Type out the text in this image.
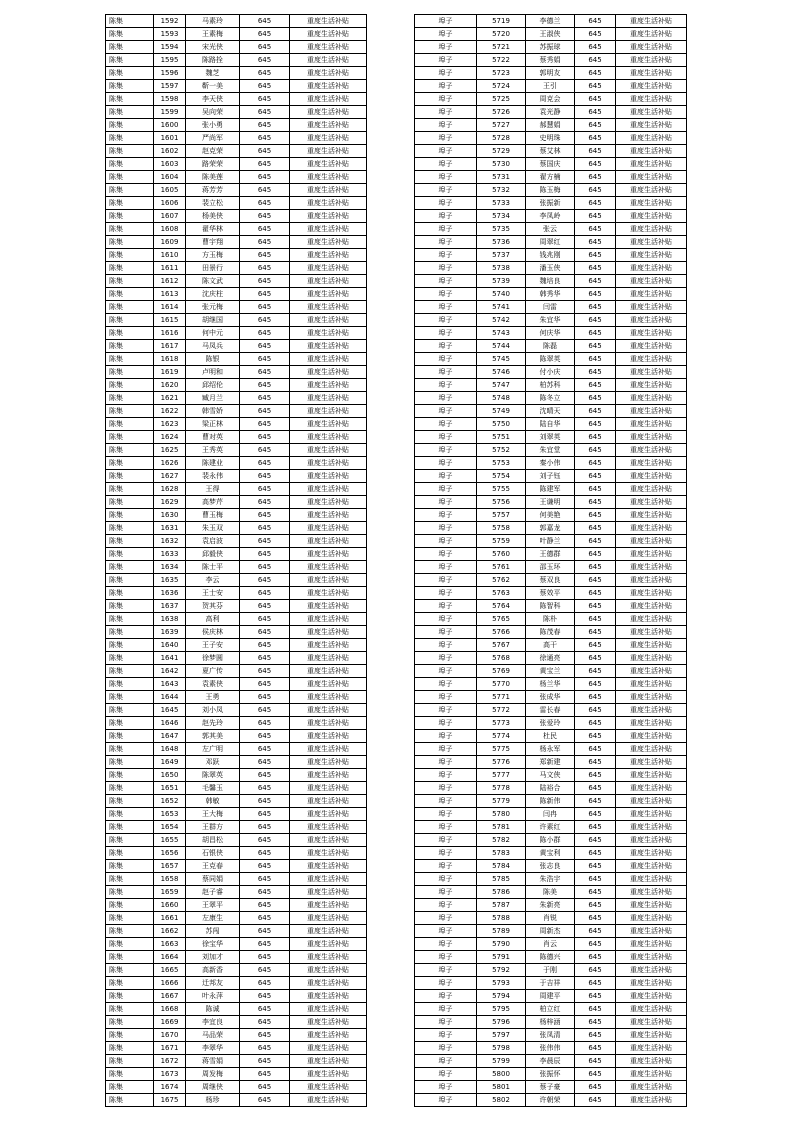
陈集	1592	马素玲	645	重度生活补贴
陈集	1593	王素梅	645	重度生活补贴
陈集	1594	宋光侠	645	重度生活补贴
陈集	1595	陈路拴	645	重度生活补贴
陈集	1596	魏芝	645	重度生活补贴
陈集	1597	靳一美	645	重度生活补贴
陈集	1598	李天侠	645	重度生活补贴
陈集	1599	吴向荣	645	重度生活补贴
陈集	1600	张小勇	645	重度生活补贴
陈集	1601	严尚军	645	重度生活补贴
陈集	1602	赵克荣	645	重度生活补贴
陈集	1603	路荣荣	645	重度生活补贴
陈集	1604	陈美莲	645	重度生活补贴
陈集	1605	蒋芳芳	645	重度生活补贴
陈集	1606	裴立松	645	重度生活补贴
陈集	1607	杨美侠	645	重度生活补贴
陈集	1608	翟华林	645	重度生活补贴
陈集	1609	曹宇翔	645	重度生活补贴
陈集	1610	方玉梅	645	重度生活补贴
陈集	1611	田景行	645	重度生活补贴
陈集	1612	陈文武	645	重度生活补贴
陈集	1613	沈庆柱	645	重度生活补贴
陈集	1614	张元梅	645	重度生活补贴
陈集	1615	胡继国	645	重度生活补贴
陈集	1616	何中元	645	重度生活补贴
陈集	1617	马凤兵	645	重度生活补贴
陈集	1618	陈银	645	重度生活补贴
陈集	1619	卢明和	645	重度生活补贴
陈集	1620	邱绍伦	645	重度生活补贴
陈集	1621	臧月兰	645	重度生活补贴
陈集	1622	韩雪娇	645	重度生活补贴
陈集	1623	梁正林	645	重度生活补贴
陈集	1624	曹对英	645	重度生活补贴
陈集	1625	王秀英	645	重度生活补贴
陈集	1626	陈建业	645	重度生活补贴
陈集	1627	裴永伟	645	重度生活补贴
陈集	1628	王得	645	重度生活补贴
陈集	1629	高梦芹	645	重度生活补贴
陈集	1630	曹玉梅	645	重度生活补贴
陈集	1631	朱玉双	645	重度生活补贴
陈集	1632	袁启波	645	重度生活补贴
陈集	1633	邱毅侠	645	重度生活补贴
陈集	1634	陈士平	645	重度生活补贴
陈集	1635	李云	645	重度生活补贴
陈集	1636	王士安	645	重度生活补贴
陈集	1637	贺其芬	645	重度生活补贴
陈集	1638	高利	645	重度生活补贴
陈集	1639	侯庆林	645	重度生活补贴
陈集	1640	王子安	645	重度生活补贴
陈集	1641	徐梦圆	645	重度生活补贴
陈集	1642	夏广传	645	重度生活补贴
陈集	1643	袁素侠	645	重度生活补贴
陈集	1644	王勇	645	重度生活补贴
陈集	1645	刘小凤	645	重度生活补贴
陈集	1646	赵先玲	645	重度生活补贴
陈集	1647	郭其美	645	重度生活补贴
陈集	1648	左广明	645	重度生活补贴
陈集	1649	邓跃	645	重度生活补贴
陈集	1650	陈翠英	645	重度生活补贴
陈集	1651	毛馨玉	645	重度生活补贴
陈集	1652	韩敏	645	重度生活补贴
陈集	1653	王大梅	645	重度生活补贴
陈集	1654	王群方	645	重度生活补贴
陈集	1655	胡昌松	645	重度生活补贴
陈集	1656	石银侠	645	重度生活补贴
陈集	1657	王克春	645	重度生活补贴
陈集	1658	蔡同娟	645	重度生活补贴
陈集	1659	赵子睿	645	重度生活补贴
陈集	1660	王翠平	645	重度生活补贴
陈集	1661	左康生	645	重度生活补贴
陈集	1662	苏闯	645	重度生活补贴
陈集	1663	徐宝华	645	重度生活补贴
陈集	1664	刘加才	645	重度生活补贴
陈集	1665	高新香	645	重度生活补贴
陈集	1666	迁邦友	645	重度生活补贴
陈集	1667	叶永萍	645	重度生活补贴
陈集	1668	陈诚	645	重度生活补贴
陈集	1669	李宜良	645	重度生活补贴
陈集	1670	马品荣	645	重度生活补贴
陈集	1671	李翠华	645	重度生活补贴
陈集	1672	蒋雪娟	645	重度生活补贴
陈集	1673	周发梅	645	重度生活补贴
陈集	1674	周继侠	645	重度生活补贴
陈集	1675	杨珍	645	重度生活补贴
埠子	5719	李德兰	645	重度生活补贴
埠子	5720	王淑侠	645	重度生活补贴
埠子	5721	苏振球	645	重度生活补贴
埠子	5722	蔡秀娟	645	重度生活补贴
埠子	5723	郭明友	645	重度生活补贴
埠子	5724	王引	645	重度生活补贴
埠子	5725	周克会	645	重度生活补贴
埠子	5726	袁光静	645	重度生活补贴
埠子	5727	郝慧娟	645	重度生活补贴
埠子	5728	史明珠	645	重度生活补贴
埠子	5729	蔡艾林	645	重度生活补贴
埠子	5730	蔡国庆	645	重度生活补贴
埠子	5731	翟方楠	645	重度生活补贴
埠子	5732	陈玉梅	645	重度生活补贴
埠子	5733	张振新	645	重度生活补贴
埠子	5734	李凤岭	645	重度生活补贴
埠子	5735	张云	645	重度生活补贴
埠子	5736	周翠红	645	重度生活补贴
埠子	5737	钱兆刚	645	重度生活补贴
埠子	5738	潘玉侠	645	重度生活补贴
埠子	5739	魏培良	645	重度生活补贴
埠子	5740	韩秀华	645	重度生活补贴
埠子	5741	闫雷	645	重度生活补贴
埠子	5742	朱宜华	645	重度生活补贴
埠子	5743	何庆华	645	重度生活补贴
埠子	5744	陈磊	645	重度生活补贴
埠子	5745	陈翠英	645	重度生活补贴
埠子	5746	付小庆	645	重度生活补贴
埠子	5747	柏苏科	645	重度生活补贴
埠子	5748	陈冬立	645	重度生活补贴
埠子	5749	沈晴天	645	重度生活补贴
埠子	5750	陆自华	645	重度生活补贴
埠子	5751	刘翠英	645	重度生活补贴
埠子	5752	朱宜堂	645	重度生活补贴
埠子	5753	秦小伟	645	重度生活补贴
埠子	5754	刘子钰	645	重度生活补贴
埠子	5755	陈建军	645	重度生活补贴
埠子	5756	王谦明	645	重度生活补贴
埠子	5757	何美艳	645	重度生活补贴
埠子	5758	郭嘉龙	645	重度生活补贴
埠子	5759	叶静兰	645	重度生活补贴
埠子	5760	王德群	645	重度生活补贴
埠子	5761	邵玉环	645	重度生活补贴
埠子	5762	蔡双良	645	重度生活补贴
埠子	5763	蔡效平	645	重度生活补贴
埠子	5764	陈智科	645	重度生活补贴
埠子	5765	陈朴	645	重度生活补贴
埠子	5766	陈茂春	645	重度生活补贴
埠子	5767	高干	645	重度生活补贴
埠子	5768	徐通亮	645	重度生活补贴
埠子	5769	黄宝兰	645	重度生活补贴
埠子	5770	杨兰华	645	重度生活补贴
埠子	5771	张成华	645	重度生活补贴
埠子	5772	雷长春	645	重度生活补贴
埠子	5773	张爱玲	645	重度生活补贴
埠子	5774	杜民	645	重度生活补贴
埠子	5775	杨永军	645	重度生活补贴
埠子	5776	郑新建	645	重度生活补贴
埠子	5777	马文侠	645	重度生活补贴
埠子	5778	陆裕合	645	重度生活补贴
埠子	5779	陈新伟	645	重度生活补贴
埠子	5780	闫冉	645	重度生活补贴
埠子	5781	许素红	645	重度生活补贴
埠子	5782	陈小群	645	重度生活补贴
埠子	5783	黄宝利	645	重度生活补贴
埠子	5784	张志良	645	重度生活补贴
埠子	5785	朱浩宇	645	重度生活补贴
埠子	5786	陈美	645	重度生活补贴
埠子	5787	朱新亮	645	重度生活补贴
埠子	5788	肖锐	645	重度生活补贴
埠子	5789	周新杰	645	重度生活补贴
埠子	5790	肖云	645	重度生活补贴
埠子	5791	陈德兴	645	重度生活补贴
埠子	5792	于刚	645	重度生活补贴
埠子	5793	于吉祥	645	重度生活补贴
埠子	5794	周建平	645	重度生活补贴
埠子	5795	柏立红	645	重度生活补贴
埠子	5796	杨梓涵	645	重度生活补贴
埠子	5797	张凤清	645	重度生活补贴
埠子	5798	张伟伟	645	重度生活补贴
埠子	5799	李晨辰	645	重度生活补贴
埠子	5800	张振怀	645	重度生活补贴
埠子	5801	蔡子豪	645	重度生活补贴
埠子	5802	许朝荣	645	重度生活补贴
